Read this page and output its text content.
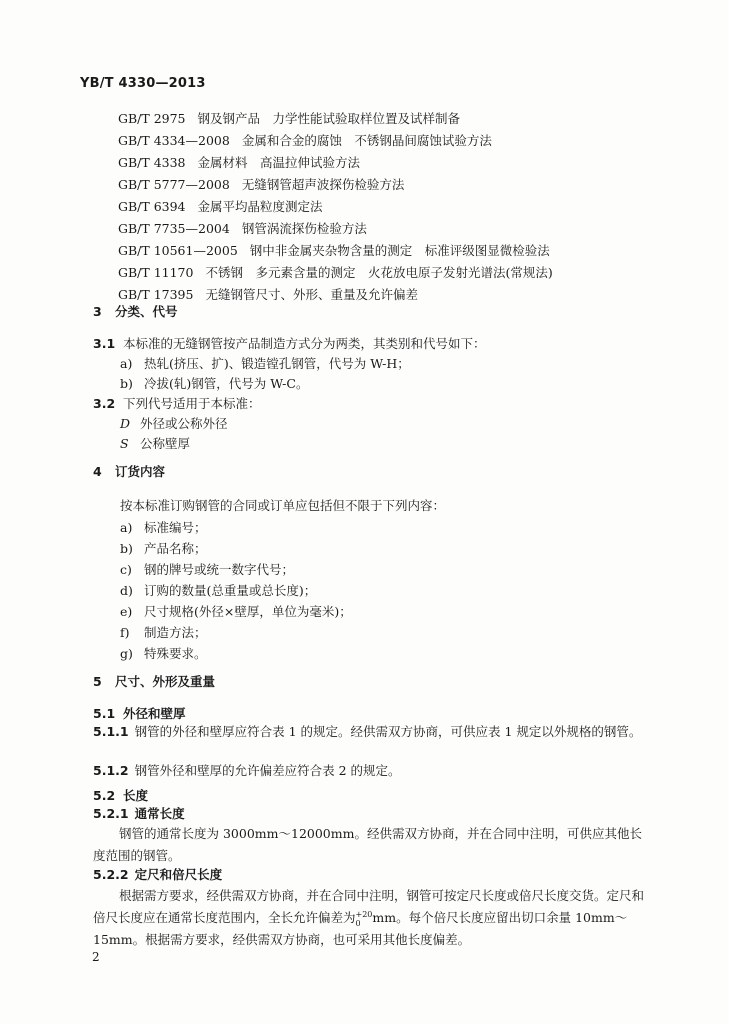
YB/T 4330—2013
GB/T 2975 钢及钢产品　力学性能试验取样位置及试样制备
GB/T 4334—2008 金属和合金的腐蚀　不锈钢晶间腐蚀试验方法
GB/T 4338 金属材料　高温拉伸试验方法
GB/T 5777—2008 无缝钢管超声波探伤检验方法
GB/T 6394 金属平均晶粒度测定法
GB/T 7735—2004 钢管涡流探伤检验方法
GB/T 10561—2005 钢中非金属夹杂物含量的测定　标准评级图显微检验法
GB/T 11170 不锈钢　多元素含量的测定　火花放电原子发射光谱法(常规法)
GB/T 17395 无缝钢管尺寸、外形、重量及允许偏差
3 分类、代号
3.1 本标准的无缝钢管按产品制造方式分为两类，其类别和代号如下：
a) 热轧(挤压、扩)、锻造镗孔钢管，代号为 W-H；
b) 冷拔(轧)钢管，代号为 W-C。
3.2 下列代号适用于本标准：
D 外径或公称外径
S 公称壁厚
4 订货内容
按本标准订购钢管的合同或订单应包括但不限于下列内容：
a) 标准编号；
b) 产品名称；
c) 钢的牌号或统一数字代号；
d) 订购的数量(总重量或总长度)；
e) 尺寸规格(外径×壁厚，单位为毫米)；
f) 制造方法；
g) 特殊要求。
5 尺寸、外形及重量
5.1 外径和壁厚
5.1.1 钢管的外径和壁厚应符合表 1 的规定。经供需双方协商，可供应表 1 规定以外规格的钢管。
5.1.2 钢管外径和壁厚的允许偏差应符合表 2 的规定。
5.2 长度
5.2.1 通常长度
钢管的通常长度为 3000mm～12000mm。经供需双方协商，并在合同中注明，可供应其他长度范围的钢管。
5.2.2 定尺和倍尺长度
根据需方要求，经供需双方协商，并在合同中注明，钢管可按定尺长度或倍尺长度交货。定尺和倍尺长度应在通常长度范围内，全长允许偏差为 +20
0 mm。每个倍尺长度应留出切口余量 10mm～15mm。根据需方要求，经供需双方协商，也可采用其他长度偏差。
2
